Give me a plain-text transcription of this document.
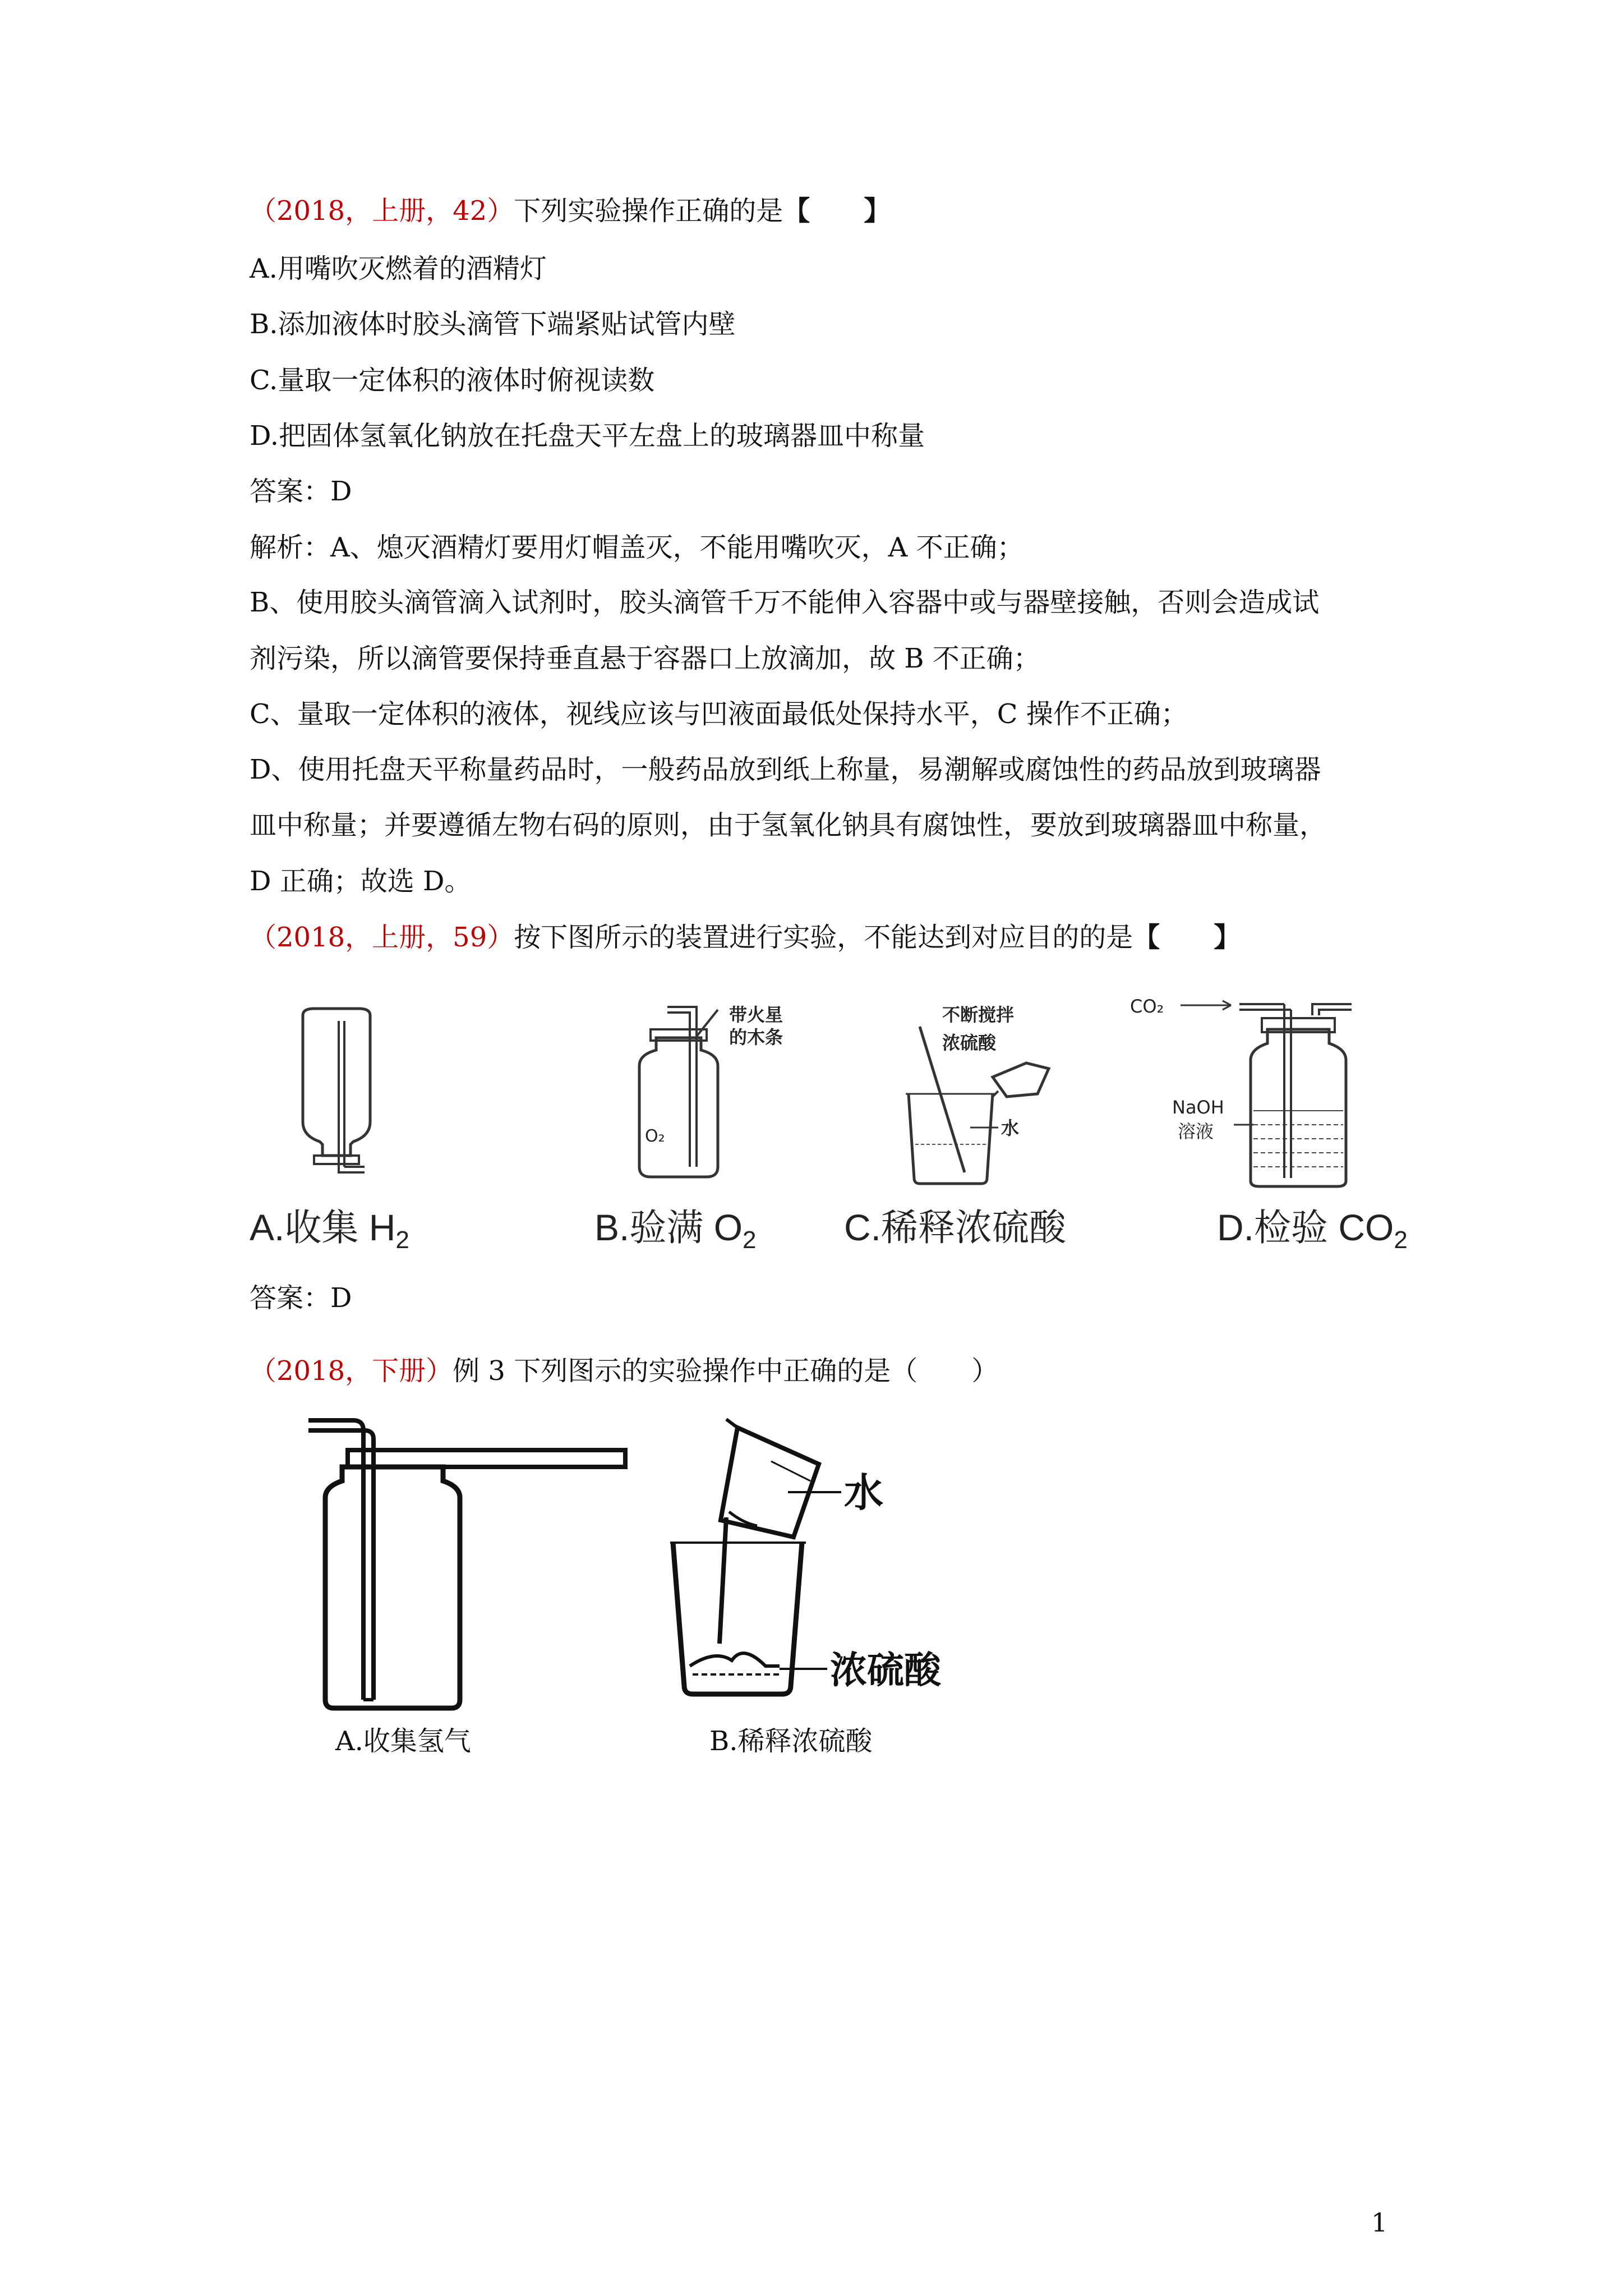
（2018，上册，42）下列实验操作正确的是【　　】
A.用嘴吹灭燃着的酒精灯
B.添加液体时胶头滴管下端紧贴试管内壁
C.量取一定体积的液体时俯视读数
D.把固体氢氧化钠放在托盘天平左盘上的玻璃器皿中称量
答案：D
解析：A、熄灭酒精灯要用灯帽盖灭，不能用嘴吹灭，A 不正确；
B、使用胶头滴管滴入试剂时，胶头滴管千万不能伸入容器中或与器壁接触，否则会造成试
剂污染，所以滴管要保持垂直悬于容器口上放滴加，故 B 不正确；
C、量取一定体积的液体，视线应该与凹液面最低处保持水平，C 操作不正确；
D、使用托盘天平称量药品时，一般药品放到纸上称量，易潮解或腐蚀性的药品放到玻璃器
皿中称量；并要遵循左物右码的原则，由于氢氧化钠具有腐蚀性，要放到玻璃器皿中称量，
D 正确；故选 D。
（2018，上册，59）按下图所示的装置进行实验，不能达到对应目的的是【　　】
A.收集 $H_2$
带火星
的木条
O₂
B.验满 $O_2$
不断搅拌
浓硫酸
水
C.稀释浓硫酸
CO₂
NaOH
溶液
D.检验 $CO_2$
答案：D
（2018，下册）例 3 下列图示的实验操作中正确的是（　　）
A.收集氢气
水
浓硫酸
B.稀释浓硫酸
1
